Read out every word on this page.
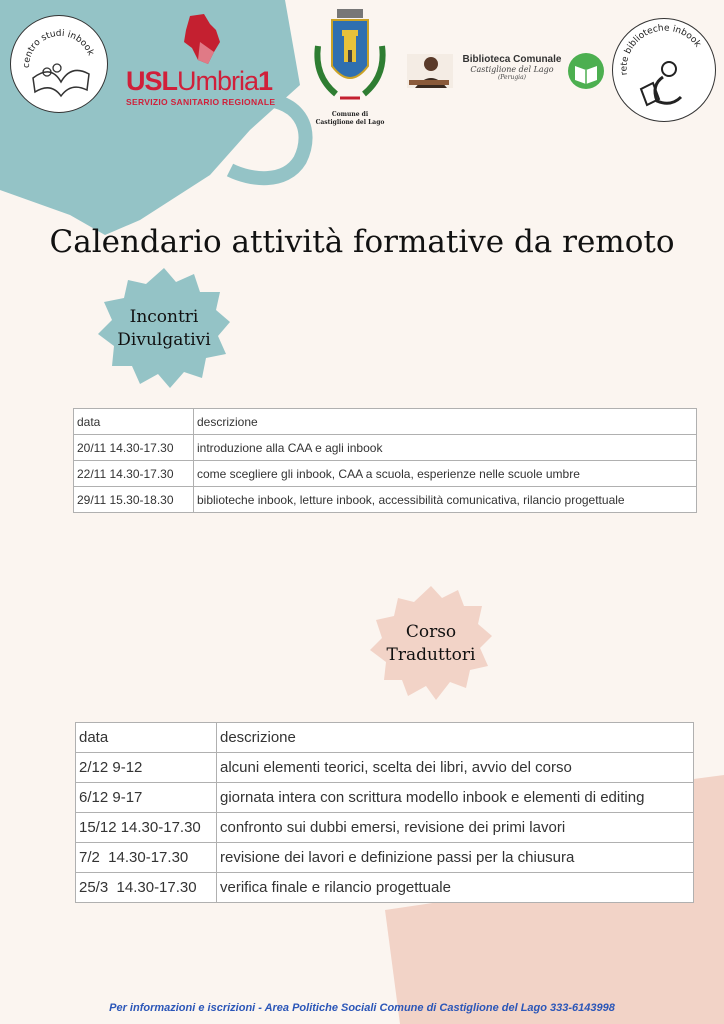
centro studi inbook
USLUmbria1
SERVIZIO SANITARIO REGIONALE
Comune di
Castiglione del Lago
Biblioteca Comunale
Castiglione del Lago
(Perugia)
rete biblioteche inbook
Calendario attività formative da remoto
Incontri
Divulgativi
data	descrizione
20/11 14.30-17.30	introduzione alla CAA e agli inbook
22/11 14.30-17.30	come scegliere gli inbook, CAA a scuola, esperienze nelle scuole umbre
29/11 15.30-18.30	biblioteche inbook, letture inbook, accessibilità comunicativa, rilancio progettuale
Corso
Traduttori
data	descrizione
2/12 9-12	alcuni elementi teorici, scelta dei libri, avvio del corso
6/12 9-17	giornata intera con scrittura modello inbook e elementi di editing
15/12 14.30-17.30	confronto sui dubbi emersi, revisione dei primi lavori
7/2  14.30-17.30	revisione dei lavori e definizione passi per la chiusura
25/3  14.30-17.30	verifica finale e rilancio progettuale
Per informazioni e iscrizioni - Area Politiche Sociali Comune di Castiglione del Lago 333-6143998
